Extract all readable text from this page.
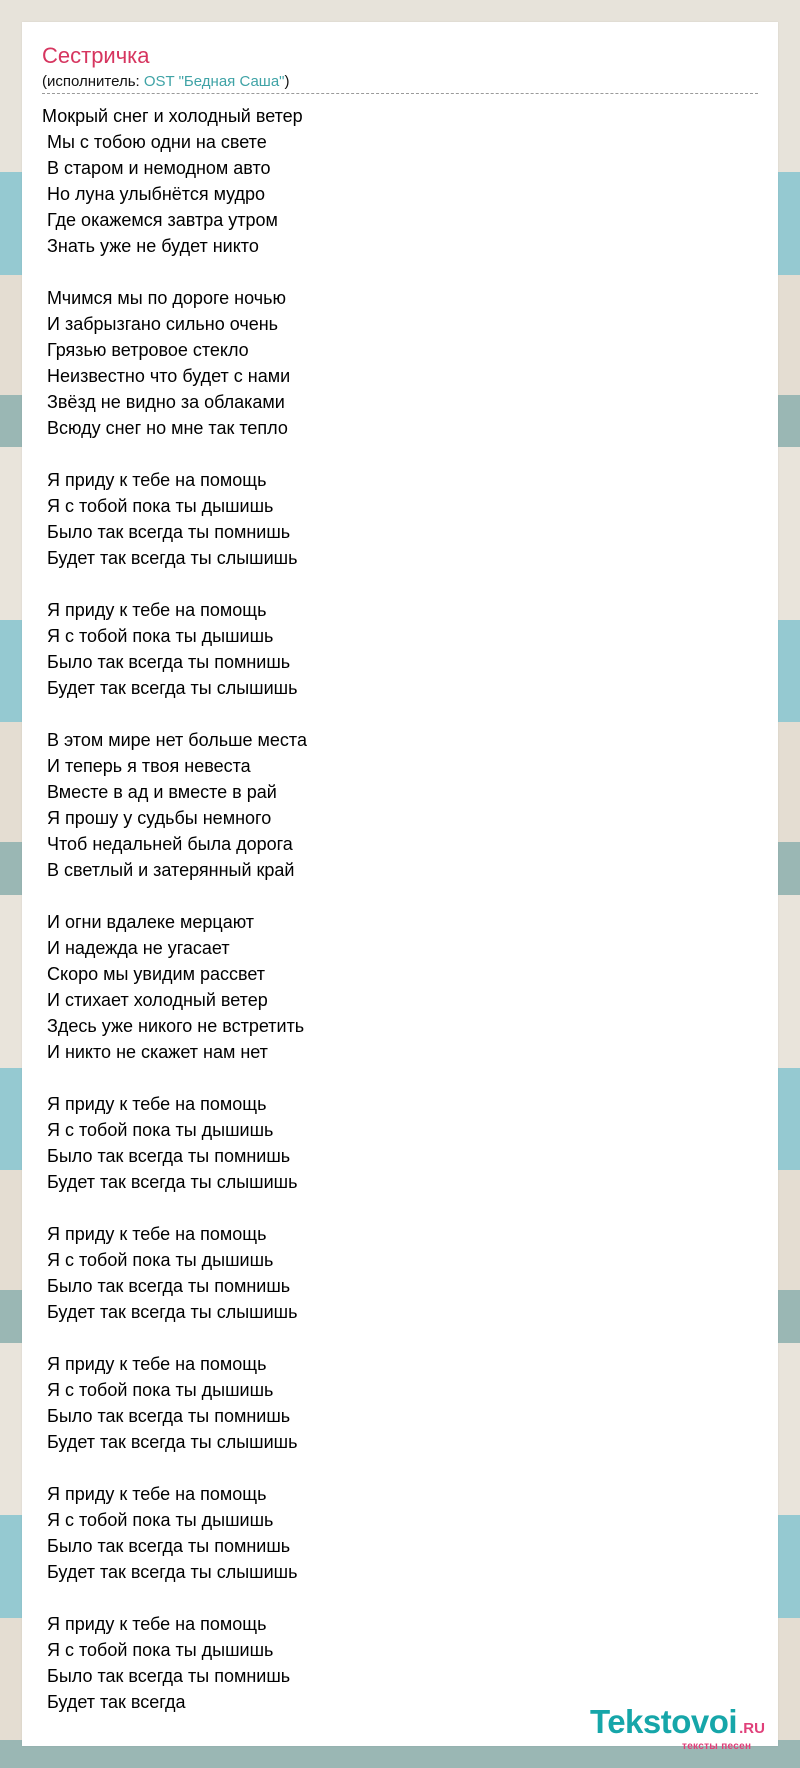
Сестричка
(исполнитель: OST "Бедная Саша")
Мокрый снег и холодный ветер
Мы с тобою одни на свете
В старом и немодном авто
Но луна улыбнётся мудро
Где окажемся завтра утром
Знать уже не будет никто

Мчимся мы по дороге ночью
И забрызгано сильно очень
Грязью ветровое стекло
Неизвестно что будет с нами
Звёзд не видно за облаками
Всюду снег но мне так тепло

Я приду к тебе на помощь
Я с тобой пока ты дышишь
Было так всегда ты помнишь
Будет так всегда ты слышишь

Я приду к тебе на помощь
Я с тобой пока ты дышишь
Было так всегда ты помнишь
Будет так всегда ты слышишь

В этом мире нет больше места
И теперь я твоя невеста
Вместе в ад и вместе в рай
Я прошу у судьбы немного
Чтоб недальней была дорога
В светлый и затерянный край

И огни вдалеке мерцают
И надежда не угасает
Скоро мы увидим рассвет
И стихает холодный ветер
Здесь уже никого не встретить
И никто не скажет нам нет

Я приду к тебе на помощь
Я с тобой пока ты дышишь
Было так всегда ты помнишь
Будет так всегда ты слышишь

Я приду к тебе на помощь
Я с тобой пока ты дышишь
Было так всегда ты помнишь
Будет так всегда ты слышишь

Я приду к тебе на помощь
Я с тобой пока ты дышишь
Было так всегда ты помнишь
Будет так всегда ты слышишь

Я приду к тебе на помощь
Я с тобой пока ты дышишь
Было так всегда ты помнишь
Будет так всегда ты слышишь

Я приду к тебе на помощь
Я с тобой пока ты дышишь
Было так всегда ты помнишь
Будет так всегда
Tekstovoi .RU
тексты песен
